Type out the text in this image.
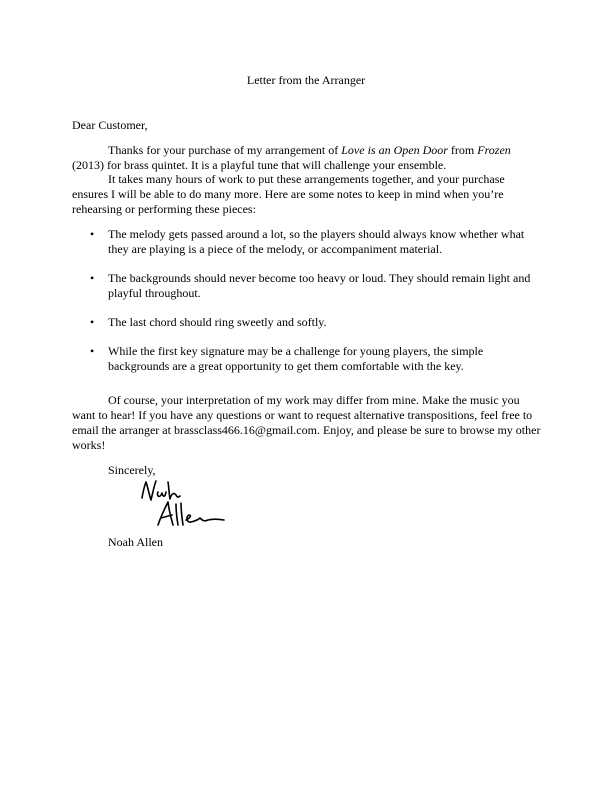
Letter from the Arranger
Dear Customer,
Thanks for your purchase of my arrangement of Love is an Open Door from Frozen (2013) for brass quintet. It is a playful tune that will challenge your ensemble.
It takes many hours of work to put these arrangements together, and your purchase ensures I will be able to do many more. Here are some notes to keep in mind when you’re rehearsing or performing these pieces:
• The melody gets passed around a lot, so the players should always know whether what they are playing is a piece of the melody, or accompaniment material.
• The backgrounds should never become too heavy or loud. They should remain light and playful throughout.
• The last chord should ring sweetly and softly.
• While the first key signature may be a challenge for young players, the simple backgrounds are a great opportunity to get them comfortable with the key.
Of course, your interpretation of my work may differ from mine. Make the music you want to hear! If you have any questions or want to request alternative transpositions, feel free to email the arranger at brassclass466.16@gmail.com. Enjoy, and please be sure to browse my other works!
Sincerely,
Noah Allen
